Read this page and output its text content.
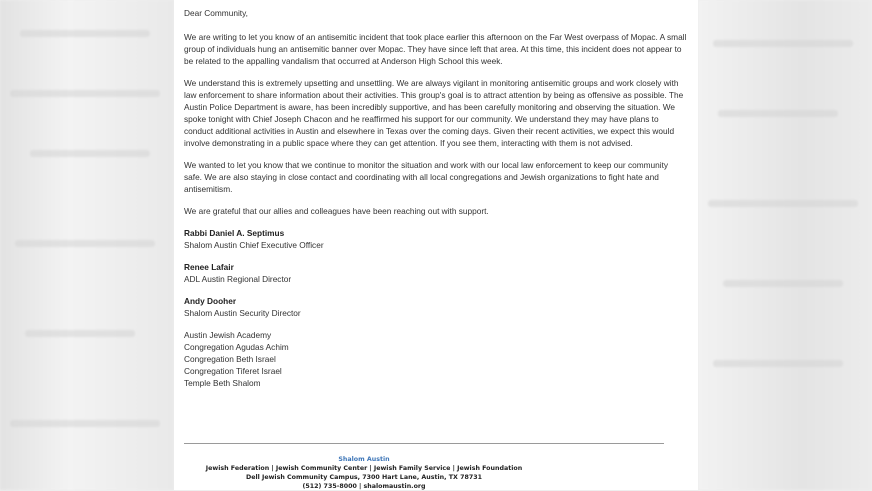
Dear Community,

We are writing to let you know of an antisemitic incident that took place earlier this afternoon on the Far West overpass of Mopac. A small group of individuals hung an antisemitic banner over Mopac. They have since left that area. At this time, this incident does not appear to be related to the appalling vandalism that occurred at Anderson High School this week.

We understand this is extremely upsetting and unsettling. We are always vigilant in monitoring antisemitic groups and work closely with law enforcement to share information about their activities. This group's goal is to attract attention by being as offensive as possible. The Austin Police Department is aware, has been incredibly supportive, and has been carefully monitoring and observing the situation. We spoke tonight with Chief Joseph Chacon and he reaffirmed his support for our community. We understand they may have plans to conduct additional activities in Austin and elsewhere in Texas over the coming days. Given their recent activities, we expect this would involve demonstrating in a public space where they can get attention. If you see them, interacting with them is not advised.

We wanted to let you know that we continue to monitor the situation and work with our local law enforcement to keep our community safe. We are also staying in close contact and coordinating with all local congregations and Jewish organizations to fight hate and antisemitism.

We are grateful that our allies and colleagues have been reaching out with support.

Rabbi Daniel A. Septimus
Shalom Austin Chief Executive Officer
Renee Lafair
ADL Austin Regional Director
Andy Dooher
Shalom Austin Security Director
Austin Jewish Academy
Congregation Agudas Achim
Congregation Beth Israel
Congregation Tiferet Israel
Temple Beth Shalom
Shalom Austin
Jewish Federation | Jewish Community Center | Jewish Family Service | Jewish Foundation
Dell Jewish Community Campus, 7300 Hart Lane, Austin, TX 78731
(512) 735-8000 | shalomaustin.org
